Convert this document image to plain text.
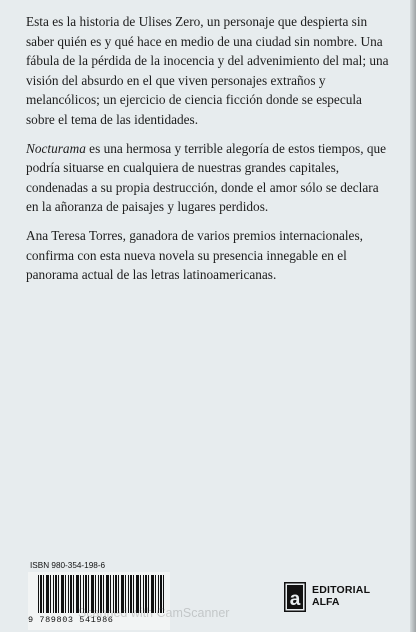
Esta es la historia de Ulises Zero, un personaje que despierta sin saber quién es y qué hace en medio de una ciudad sin nombre. Una fábula de la pérdida de la inocencia y del advenimiento del mal; una visión del absurdo en el que viven personajes extraños y melancólicos; un ejercicio de ciencia ficción donde se especula sobre el tema de las identidades.

Nocturama es una hermosa y terrible alegoría de estos tiempos, que podría situarse en cualquiera de nuestras grandes capitales, condenadas a su propia destrucción, donde el amor sólo se declara en la añoranza de paisajes y lugares perdidos.

Ana Teresa Torres, ganadora de varios premios internacionales, confirma con esta nueva novela su presencia innegable en el panorama actual de las letras latinoamericanas.

ISBN 980-354-198-6
9 789803 541986
Scanned with CamScanner
a EDITORIAL
ALFA
